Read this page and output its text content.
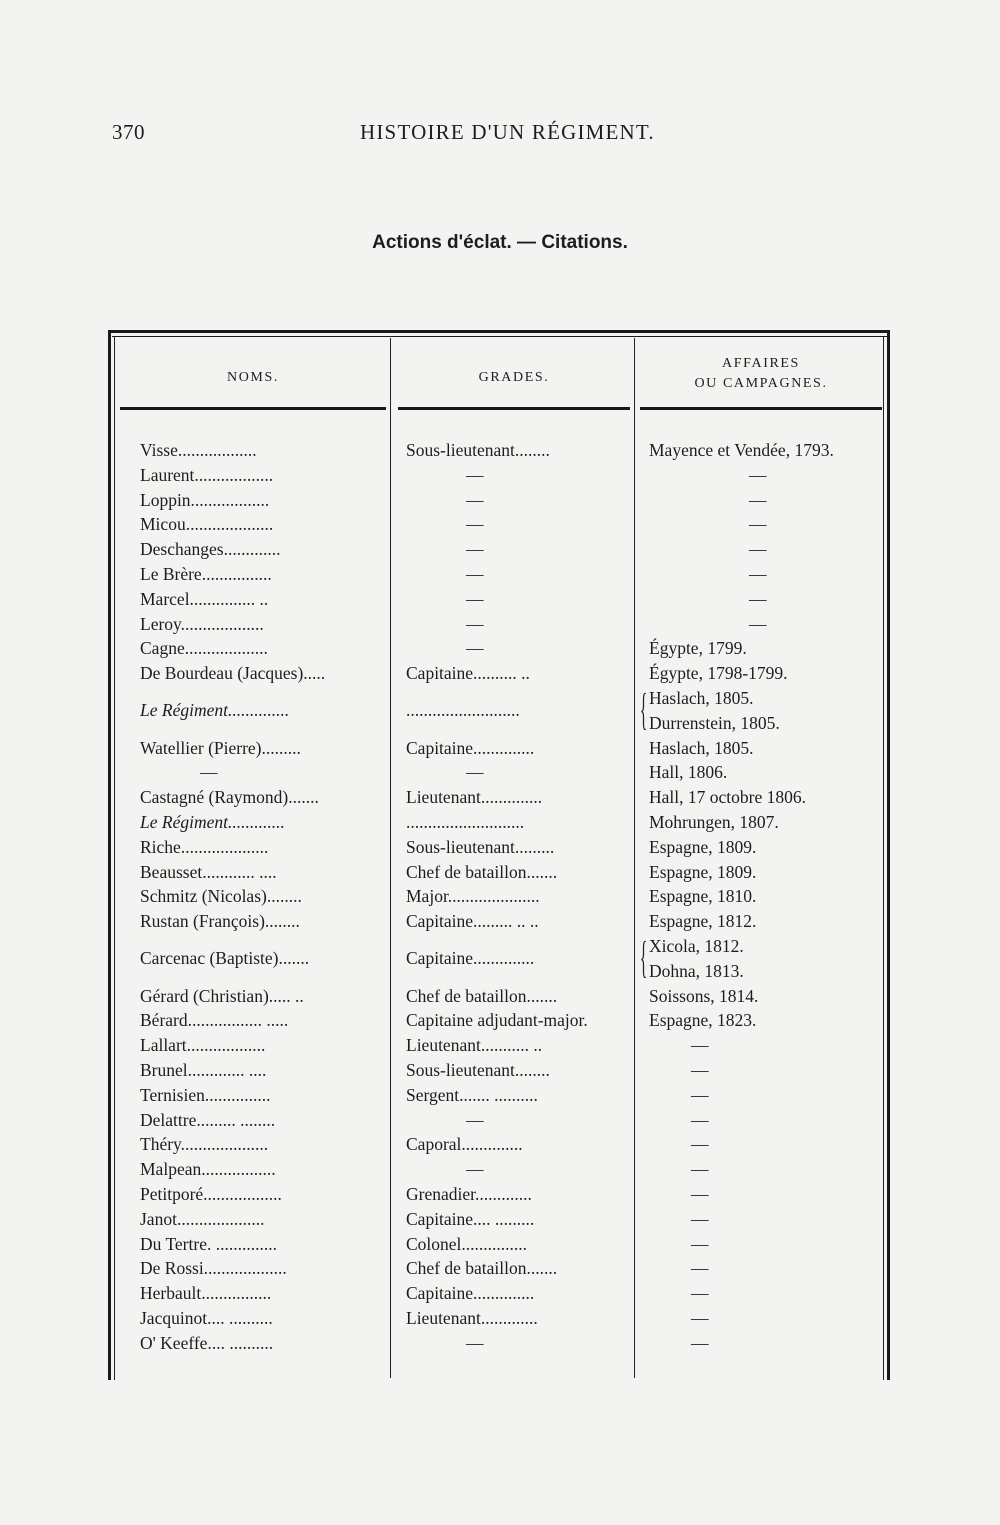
370	HISTOIRE D'UN RÉGIMENT.
Actions d'éclat. — Citations.
NOMS.	GRADES.
AFFAIRES
OU CAMPAGNES.
Visse..................	Sous-lieutenant........	Mayence et Vendée, 1793.
Laurent..................	—	—
Loppin..................	—	—
Micou....................	—	—
Deschanges.............	—	—
Le Brère................	—	—
Marcel............... ..	—	—
Leroy...................	—	—
Cagne...................	—	Égypte, 1799.
De Bourdeau (Jacques).....	Capitaine.......... ..	Égypte, 1798-1799.
Le Régiment..............	..........................	{ Haslach, 1805.
Durrenstein, 1805.
Watellier (Pierre).........	Capitaine..............	Haslach, 1805.
—	—	Hall, 1806.
Castagné (Raymond).......	Lieutenant..............	Hall, 17 octobre 1806.
Le Régiment.............	...........................	Mohrungen, 1807.
Riche....................	Sous-lieutenant.........	Espagne, 1809.
Beausset............ ....	Chef de bataillon.......	Espagne, 1809.
Schmitz (Nicolas)........	Major.....................	Espagne, 1810.
Rustan (François)........	Capitaine......... .. ..	Espagne, 1812.
Carcenac (Baptiste).......	Capitaine..............	{ Xicola, 1812.
Dohna, 1813.
Gérard (Christian)..... ..	Chef de bataillon.......	Soissons, 1814.
Bérard................. .....	Capitaine adjudant-major.	Espagne, 1823.
Lallart..................	Lieutenant........... ..	—
Brunel............. ....	Sous-lieutenant........	—
Ternisien...............	Sergent....... ..........	—
Delattre......... ........	—	—
Théry....................	Caporal..............	—
Malpean.................	—	—
Petitporé..................	Grenadier.............	—
Janot....................	Capitaine.... .........	—
Du Tertre. ..............	Colonel...............	—
De Rossi...................	Chef de bataillon.......	—
Herbault................	Capitaine..............	—
Jacquinot.... ..........	Lieutenant.............	—
O' Keeffe.... ..........	—	—
